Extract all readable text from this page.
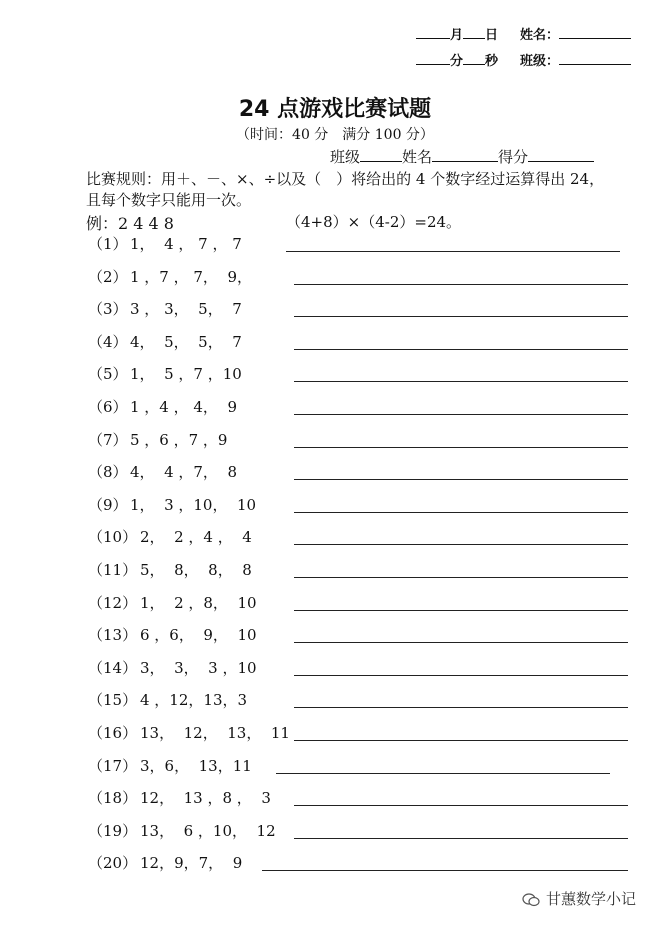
月 日 姓名：
分 秒 班级：
24 点游戏比赛试题
（时间：40 分　满分 100 分）
班级	姓名	得分
比赛规则：用＋、－、×、÷以及（　）将给出的 4 个数字经过运算得出 24，
且每个数字只能用一次。
例：2 4 4 8	（4+8）×（4-2）=24。
（1） 1，  4 ， 7 ， 7
（2） 1 ，7 ， 7，  9，
（3） 3 ， 3，  5，  7
（4） 4，  5，  5，  7
（5） 1，  5 ，7 ，10
（6） 1 ，4 ， 4，  9
（7） 5 ，6 ，7 ，9
（8） 4，  4 ，7，  8
（9） 1，  3 ，10，  10
（10） 2，  2 ，4 ，  4
（11） 5，  8，  8，  8
（12） 1，  2 ，8，  10
（13） 6 ，6，  9，  10
（14） 3，  3，  3 ，10
（15） 4 ，12，13，3
（16） 13，  12，  13，  11
（17） 3，6，  13，11
（18） 12，  13 ，8 ，  3
（19） 13，  6 ，10，  12
（20） 12，9，7，  9
甘蕙数学小记
